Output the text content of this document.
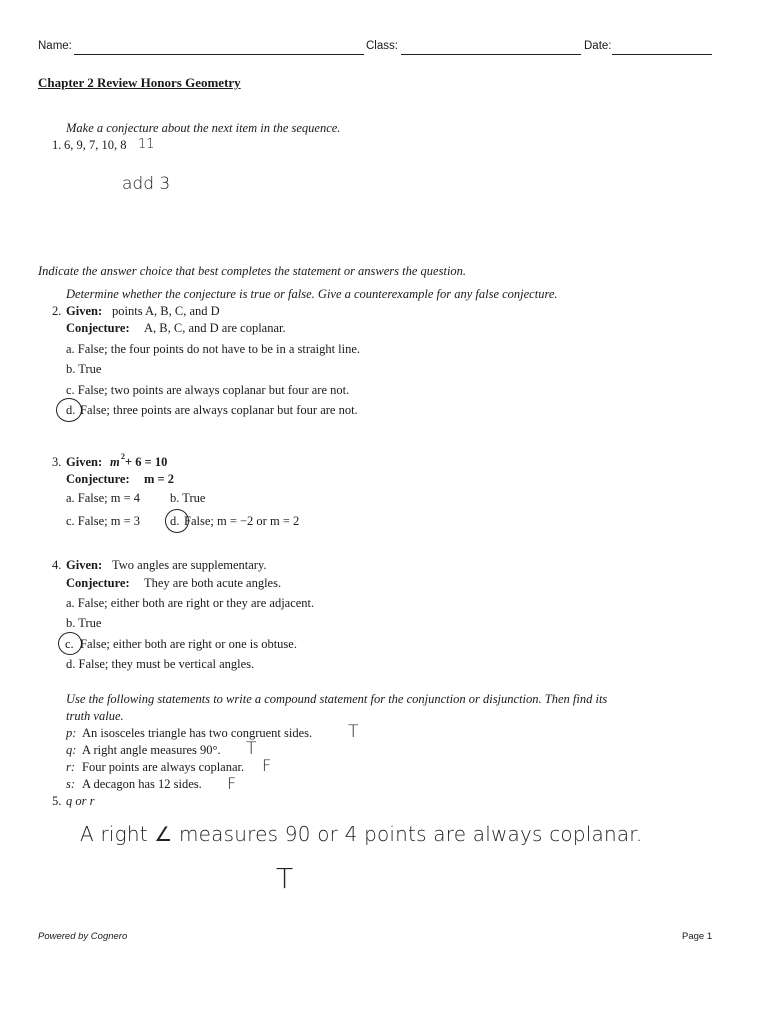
Name:	Class:	Date:
Chapter 2 Review Honors Geometry
Make a conjecture about the next item in the sequence.
1. 6, 9, 7, 10, 8 11
add 3
Indicate the answer choice that best completes the statement or answers the question.
Determine whether the conjecture is true or false. Give a counterexample for any false conjecture.
2. Given: points A, B, C, and D
Conjecture: A, B, C, and D are coplanar.
a. False; the four points do not have to be in a straight line.
b. True
c. False; two points are always coplanar but four are not.
d. False; three points are always coplanar but four are not.
3. Given: m 2 + 6 = 10
Conjecture: m = 2
a. False; m = 4 b. True
c. False; m = 3 d. False; m = −2 or m = 2
4. Given: Two angles are supplementary.
Conjecture: They are both acute angles.
a. False; either both are right or they are adjacent.
b. True
c. False; either both are right or one is obtuse.
d. False; they must be vertical angles.
Use the following statements to write a compound statement for the conjunction or disjunction. Then find its
truth value.
p: An isosceles triangle has two congruent sides. T
q: A right angle measures 90°. T
r: Four points are always coplanar. F
s: A decagon has 12 sides. F
5. q or r
A right ∠ measures 90 or 4 points are always coplanar.
T
Powered by Cognero	Page 1
